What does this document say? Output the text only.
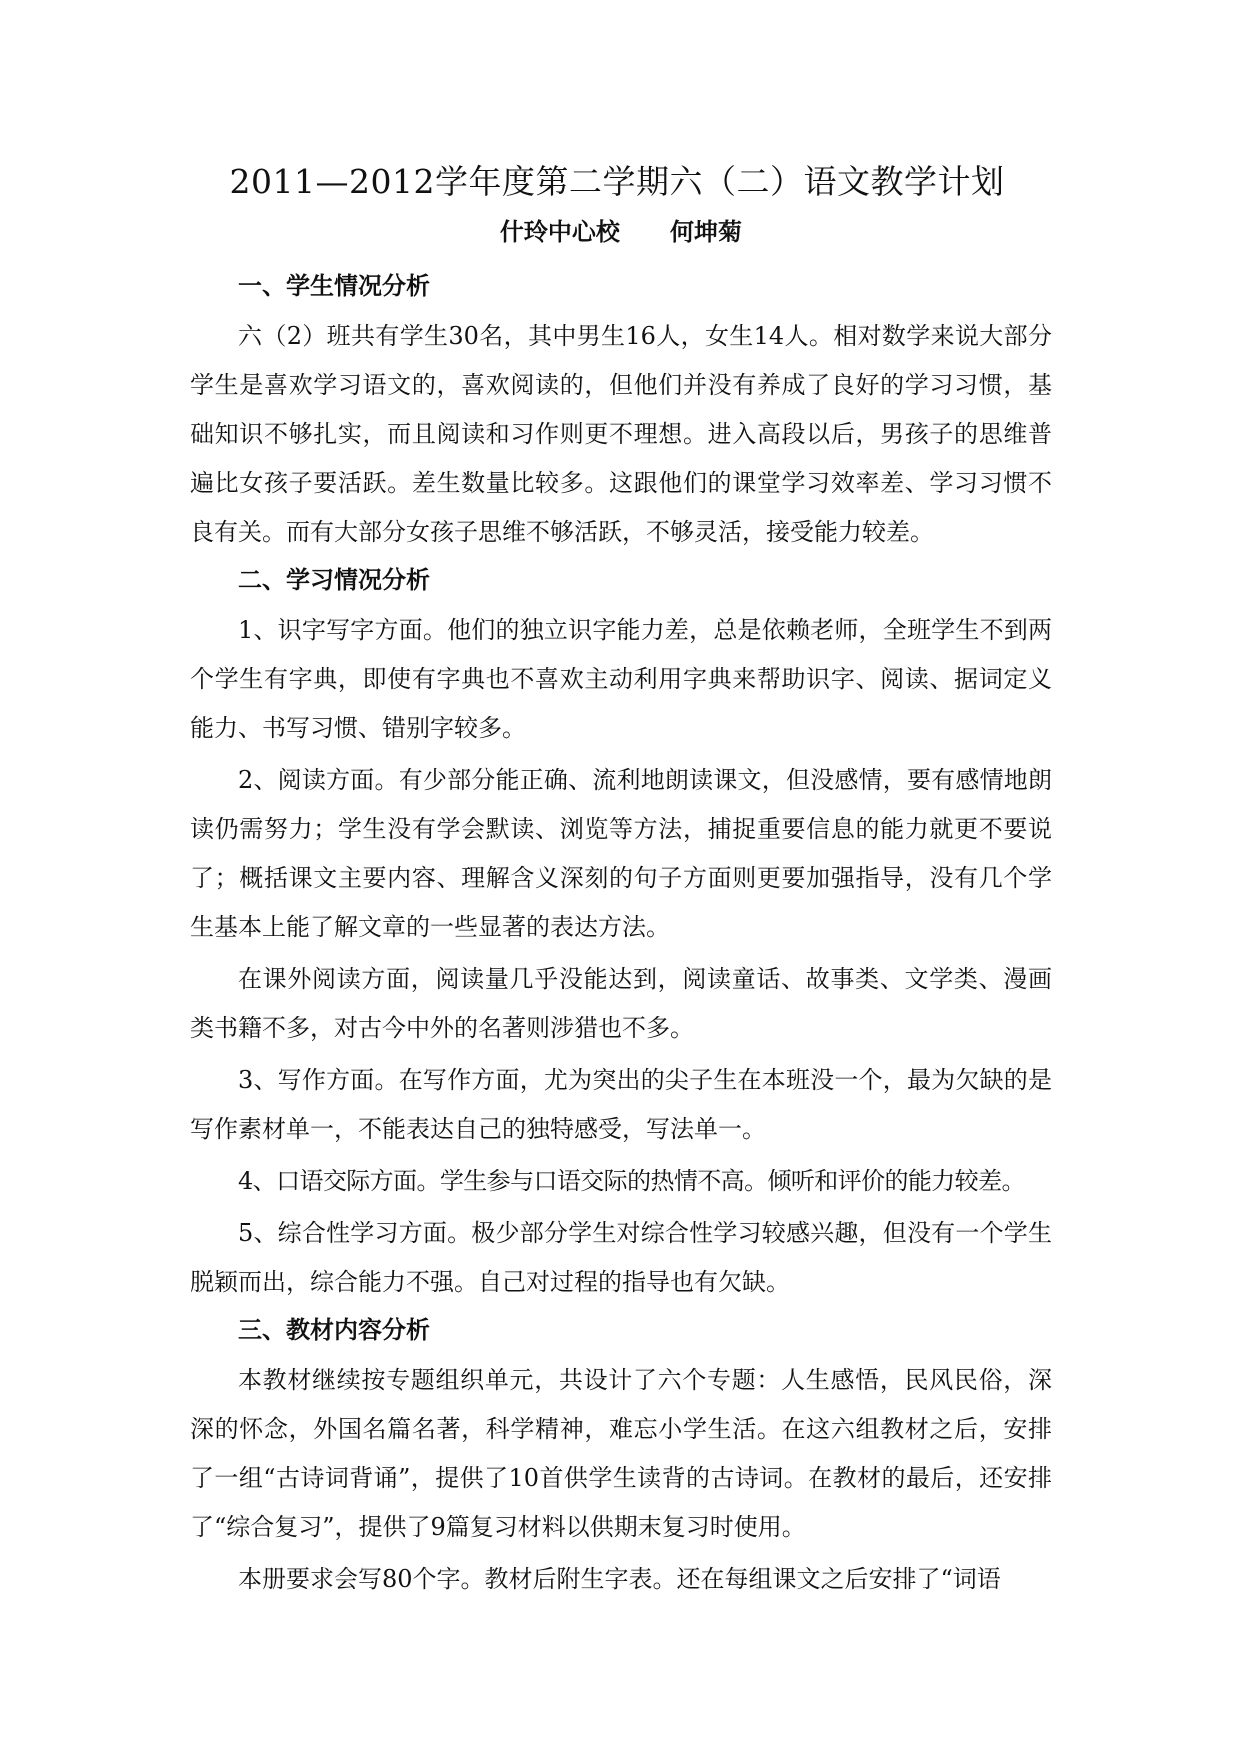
2011—2012学年度第二学期六（二）语文教学计划
什玲中心校      何坤菊
一、学生情况分析

六（2）班共有学生30名，其中男生16人，女生14人。相对数学来说大部分学生是喜欢学习语文的，喜欢阅读的，但他们并没有养成了良好的学习习惯，基础知识不够扎实，而且阅读和习作则更不理想。进入高段以后，男孩子的思维普遍比女孩子要活跃。差生数量比较多。这跟他们的课堂学习效率差、学习习惯不良有关。而有大部分女孩子思维不够活跃，不够灵活，接受能力较差。

二、学习情况分析

1、识字写字方面。他们的独立识字能力差，总是依赖老师，全班学生不到两个学生有字典，即使有字典也不喜欢主动利用字典来帮助识字、阅读、据词定义能力、书写习惯、错别字较多。

2、阅读方面。有少部分能正确、流利地朗读课文，但没感情，要有感情地朗读仍需努力；学生没有学会默读、浏览等方法，捕捉重要信息的能力就更不要说了；概括课文主要内容、理解含义深刻的句子方面则更要加强指导，没有几个学生基本上能了解文章的一些显著的表达方法。

在课外阅读方面，阅读量几乎没能达到，阅读童话、故事类、文学类、漫画类书籍不多，对古今中外的名著则涉猎也不多。

3、写作方面。在写作方面，尤为突出的尖子生在本班没一个，最为欠缺的是写作素材单一，不能表达自己的独特感受，写法单一。

4、口语交际方面。学生参与口语交际的热情不高。倾听和评价的能力较差。

5、综合性学习方面。极少部分学生对综合性学习较感兴趣，但没有一个学生脱颖而出，综合能力不强。自己对过程的指导也有欠缺。

三、教材内容分析

本教材继续按专题组织单元，共设计了六个专题：人生感悟，民风民俗，深深的怀念，外国名篇名著，科学精神，难忘小学生活。在这六组教材之后，安排了一组“古诗词背诵”，提供了10首供学生读背的古诗词。在教材的最后，还安排了“综合复习”，提供了9篇复习材料以供期末复习时使用。

本册要求会写80个字。教材后附生字表。还在每组课文之后安排了“词语
